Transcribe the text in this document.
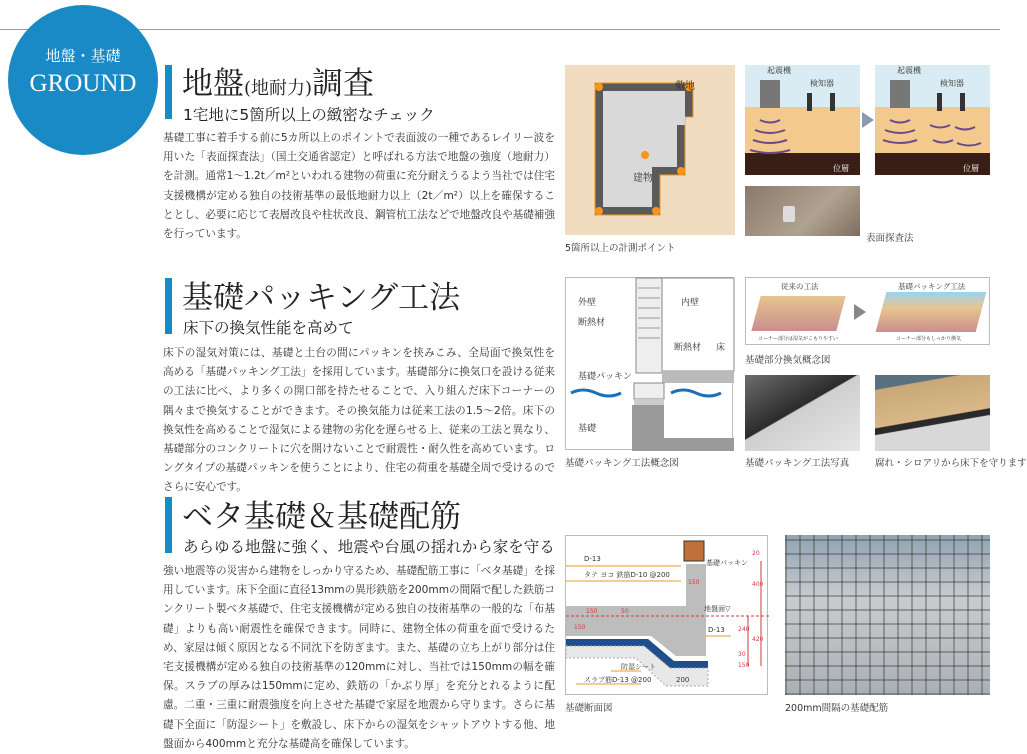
地盤・基礎
GROUND	地盤(地耐力)調査
1宅地に5箇所以上の緻密なチェック
基礎工事に着手する前に5カ所以上のポイントで表面波の一種であるレイリー波を用いた「表面探査法」（国土交通省認定）と呼ばれる方法で地盤の強度（地耐力）を計測。通常1～1.2t／m²といわれる建物の荷重に充分耐えうるよう当社では住宅支援機構が定める独自の技術基準の最低地耐力以上（2t／m²）以上を確保することとし、必要に応じて表層改良や柱状改良、鋼管杭工法などで地盤改良や基礎補強を行っています。
敷地
建物
5箇所以上の計測ポイント
起震機
検知器
位層
起震機
検知器
位層
表面探査法
基礎パッキング工法
床下の換気性能を高めて
床下の湿気対策には、基礎と土台の間にパッキンを挟みこみ、全局面で換気性を高める「基礎パッキング工法」を採用しています。基礎部分に換気口を設ける従来の工法に比べ、より多くの開口部を持たせることで、入り組んだ床下コーナーの隅々まで換気することができます。その換気能力は従来工法の1.5～2倍。床下の換気性を高めることで湿気による建物の劣化を遅らせる上、従来の工法と異なり、基礎部分のコンクリートに穴を開けないことで耐震性・耐久性を高めています。ロングタイプの基礎パッキンを使うことにより、住宅の荷重を基礎全周で受けるのでさらに安心です。
外壁	内壁
断熱材
断熱材 床
基礎パッキン
基礎
基礎パッキング工法概念図
従来の工法	基礎パッキング工法
コーナー部分は湿気がこもりやすい	コーナー部分もしっかり換気
基礎部分換気概念図
基礎パッキング工法写真	腐れ・シロアリから床下を守ります
ベタ基礎＆基礎配筋
あらゆる地盤に強く、地震や台風の揺れから家を守る
強い地震等の災害から建物をしっかり守るため、基礎配筋工事に「ベタ基礎」を採用しています。床下全面に直径13mmの異形鉄筋を200mmの間隔で配した鉄筋コンクリート製ベタ基礎で、住宅支援機構が定める独自の技術基準の一般的な「布基礎」よりも高い耐震性を確保できます。同時に、建物全体の荷重を面で受けるため、家屋は傾く原因となる不同沈下を防ぎます。また、基礎の立ち上がり部分は住宅支援機構が定める独自の技術基準の120mmに対し、当社では150mmの幅を確保。スラブの厚みは150mmに定め、鉄筋の「かぶり厚」を充分とれるように配慮。二重・三重に耐震強度を向上させた基礎で家屋を地震から守ります。さらに基礎下全面に「防湿シート」を敷設し、床下からの湿気をシャットアウトする他、地盤面から400mmと充分な基礎高を確保しています。
D-13
タテ ヨコ 鉄筋D-10 @200
基礎パッキン
地盤面▽
D-13
防湿シート
スラブ筋D-13 @200
20
400
150
240
420
30
150
150
150
50
200
基礎断面図	200mm間隔の基礎配筋
